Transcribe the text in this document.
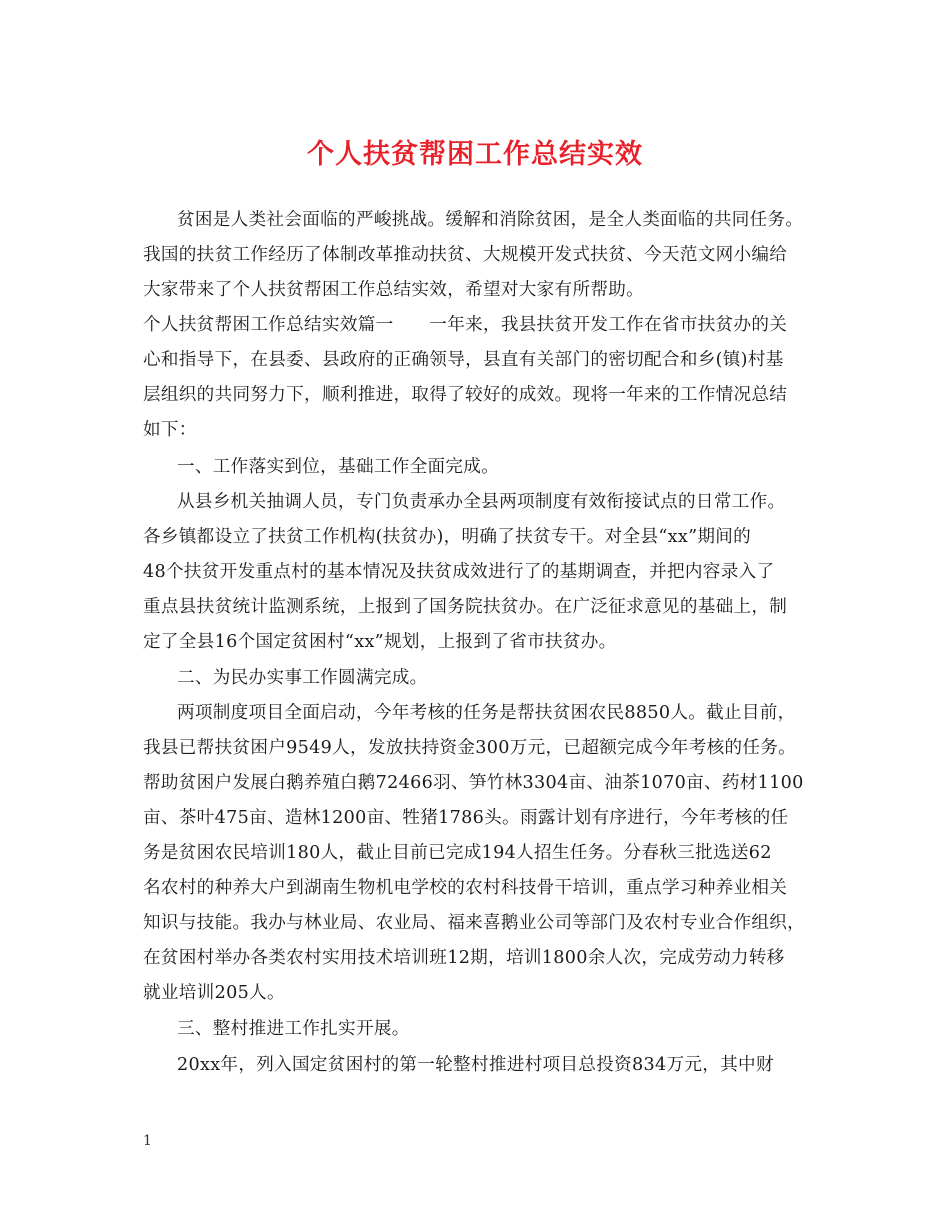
个人扶贫帮困工作总结实效
贫困是人类社会面临的严峻挑战。缓解和消除贫困，是全人类面临的共同任务。
我国的扶贫工作经历了体制改革推动扶贫、大规模开发式扶贫、今天范文网小编给
大家带来了个人扶贫帮困工作总结实效，希望对大家有所帮助。
个人扶贫帮困工作总结实效篇一　　一年来，我县扶贫开发工作在省市扶贫办的关
心和指导下，在县委、县政府的正确领导，县直有关部门的密切配合和乡(镇)村基
层组织的共同努力下，顺利推进，取得了较好的成效。现将一年来的工作情况总结
如下：
一、工作落实到位，基础工作全面完成。
从县乡机关抽调人员，专门负责承办全县两项制度有效衔接试点的日常工作。
各乡镇都设立了扶贫工作机构(扶贫办)，明确了扶贫专干。对全县“xx”期间的
48个扶贫开发重点村的基本情况及扶贫成效进行了的基期调查，并把内容录入了
重点县扶贫统计监测系统，上报到了国务院扶贫办。在广泛征求意见的基础上，制
定了全县16个国定贫困村“xx”规划，上报到了省市扶贫办。
二、为民办实事工作圆满完成。
两项制度项目全面启动，今年考核的任务是帮扶贫困农民8850人。截止目前，
我县已帮扶贫困户9549人，发放扶持资金300万元，已超额完成今年考核的任务。
帮助贫困户发展白鹅养殖白鹅72466羽、笋竹林3304亩、油茶1070亩、药材1100
亩、茶叶475亩、造林1200亩、牲猪1786头。雨露计划有序进行，今年考核的任
务是贫困农民培训180人，截止目前已完成194人招生任务。分春秋三批选送62
名农村的种养大户到湖南生物机电学校的农村科技骨干培训，重点学习种养业相关
知识与技能。我办与林业局、农业局、福来喜鹅业公司等部门及农村专业合作组织，
在贫困村举办各类农村实用技术培训班12期，培训1800余人次，完成劳动力转移
就业培训205人。
三、整村推进工作扎实开展。
20xx年，列入国定贫困村的第一轮整村推进村项目总投资834万元，其中财
1
